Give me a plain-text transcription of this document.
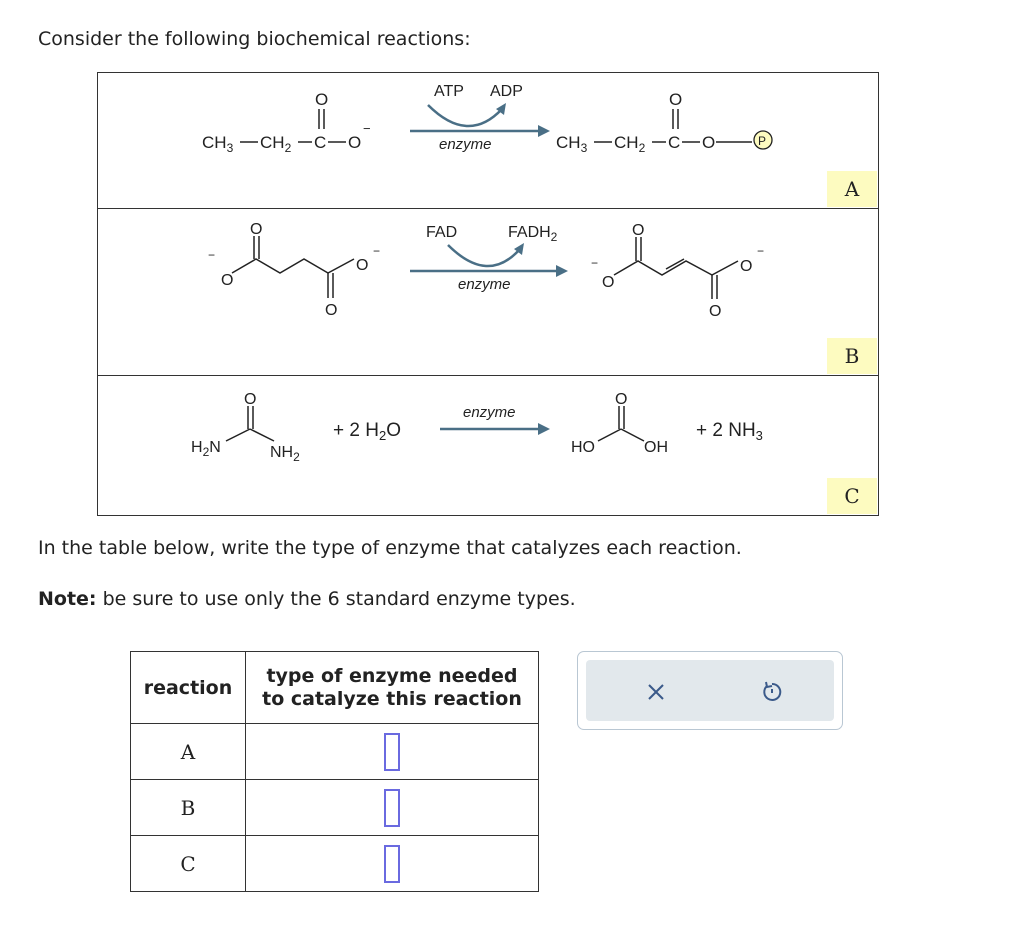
Consider the following biochemical reactions:
$CH_3$ $CH_2$ C
O
O
−
ATP ADP
enzyme	$CH_3$ $CH_2$ C
O
O	P
−
O
O
O
O
−
FAD	$FADH_2$
enzyme
−
O
O
O
O
−
$H_2N$
O
$NH_2$
+ 2 $H_2O$
enzyme
HO
O
OH
+ 2 $NH_3$
A
B
C
In the table below, write the type of enzyme that catalyzes each reaction.
Note: be sure to use only the 6 standard enzyme types.
reaction	type of enzyme needed
to catalyze this reaction
A	
B	
C	
